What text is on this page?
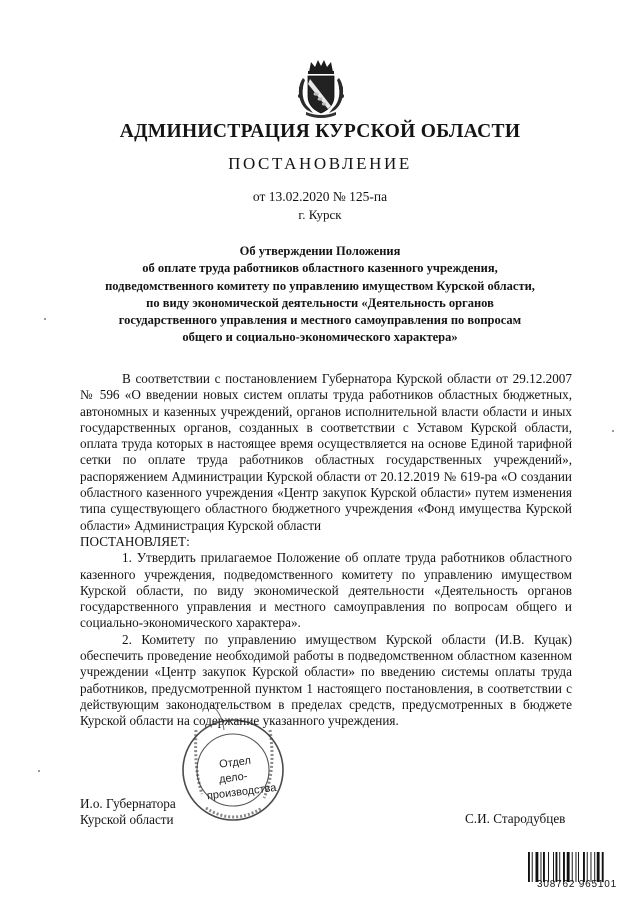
АДМИНИСТРАЦИЯ КУРСКОЙ ОБЛАСТИ
ПОСТАНОВЛЕНИЕ
от 13.02.2020 № 125-па
г. Курск
Об утверждении Положения
об оплате труда работников областного казенного учреждения,
подведомственного комитету по управлению имуществом Курской области,
по виду экономической деятельности «Деятельность органов
государственного управления и местного самоуправления по вопросам
общего и социально-экономического характера»

В соответствии с постановлением Губернатора Курской области от 29.12.2007 № 596 «О введении новых систем оплаты труда работников областных бюджетных, автономных и казенных учреждений, органов исполнительной власти области и иных государственных органов, созданных в соответствии с Уставом Курской области, оплата труда которых в настоящее время осуществляется на основе Единой тарифной сетки по оплате труда работников областных государственных учреждений», распоряжением Администрации Курской области от 20.12.2019 № 619-ра «О создании областного казенного учреждения «Центр закупок Курской области» путем изменения типа существующего областного бюджетного учреждения «Фонд имущества Курской области» Администрация Курской области

ПОСТАНОВЛЯЕТ:

1. Утвердить прилагаемое Положение об оплате труда работников областного казенного учреждения, подведомственного комитету по управлению имуществом Курской области, по виду экономической деятельности «Деятельность органов государственного управления и местного самоуправления по вопросам общего и социально-экономического характера».

2. Комитету по управлению имуществом Курской области (И.В. Куцак) обеспечить проведение необходимой работы в подведомственном областном казенном учреждении «Центр закупок Курской области» по введению системы оплаты труда работников, предусмотренной пунктом 1 настоящего постановления, в соответствии с действующим законодательством в пределах средств, предусмотренных в бюджете Курской области на содержание указанного учреждения.

Отдел
дело-
производства
И.о. Губернатора
Курской области	С.И. Стародубцев
308762 965101
